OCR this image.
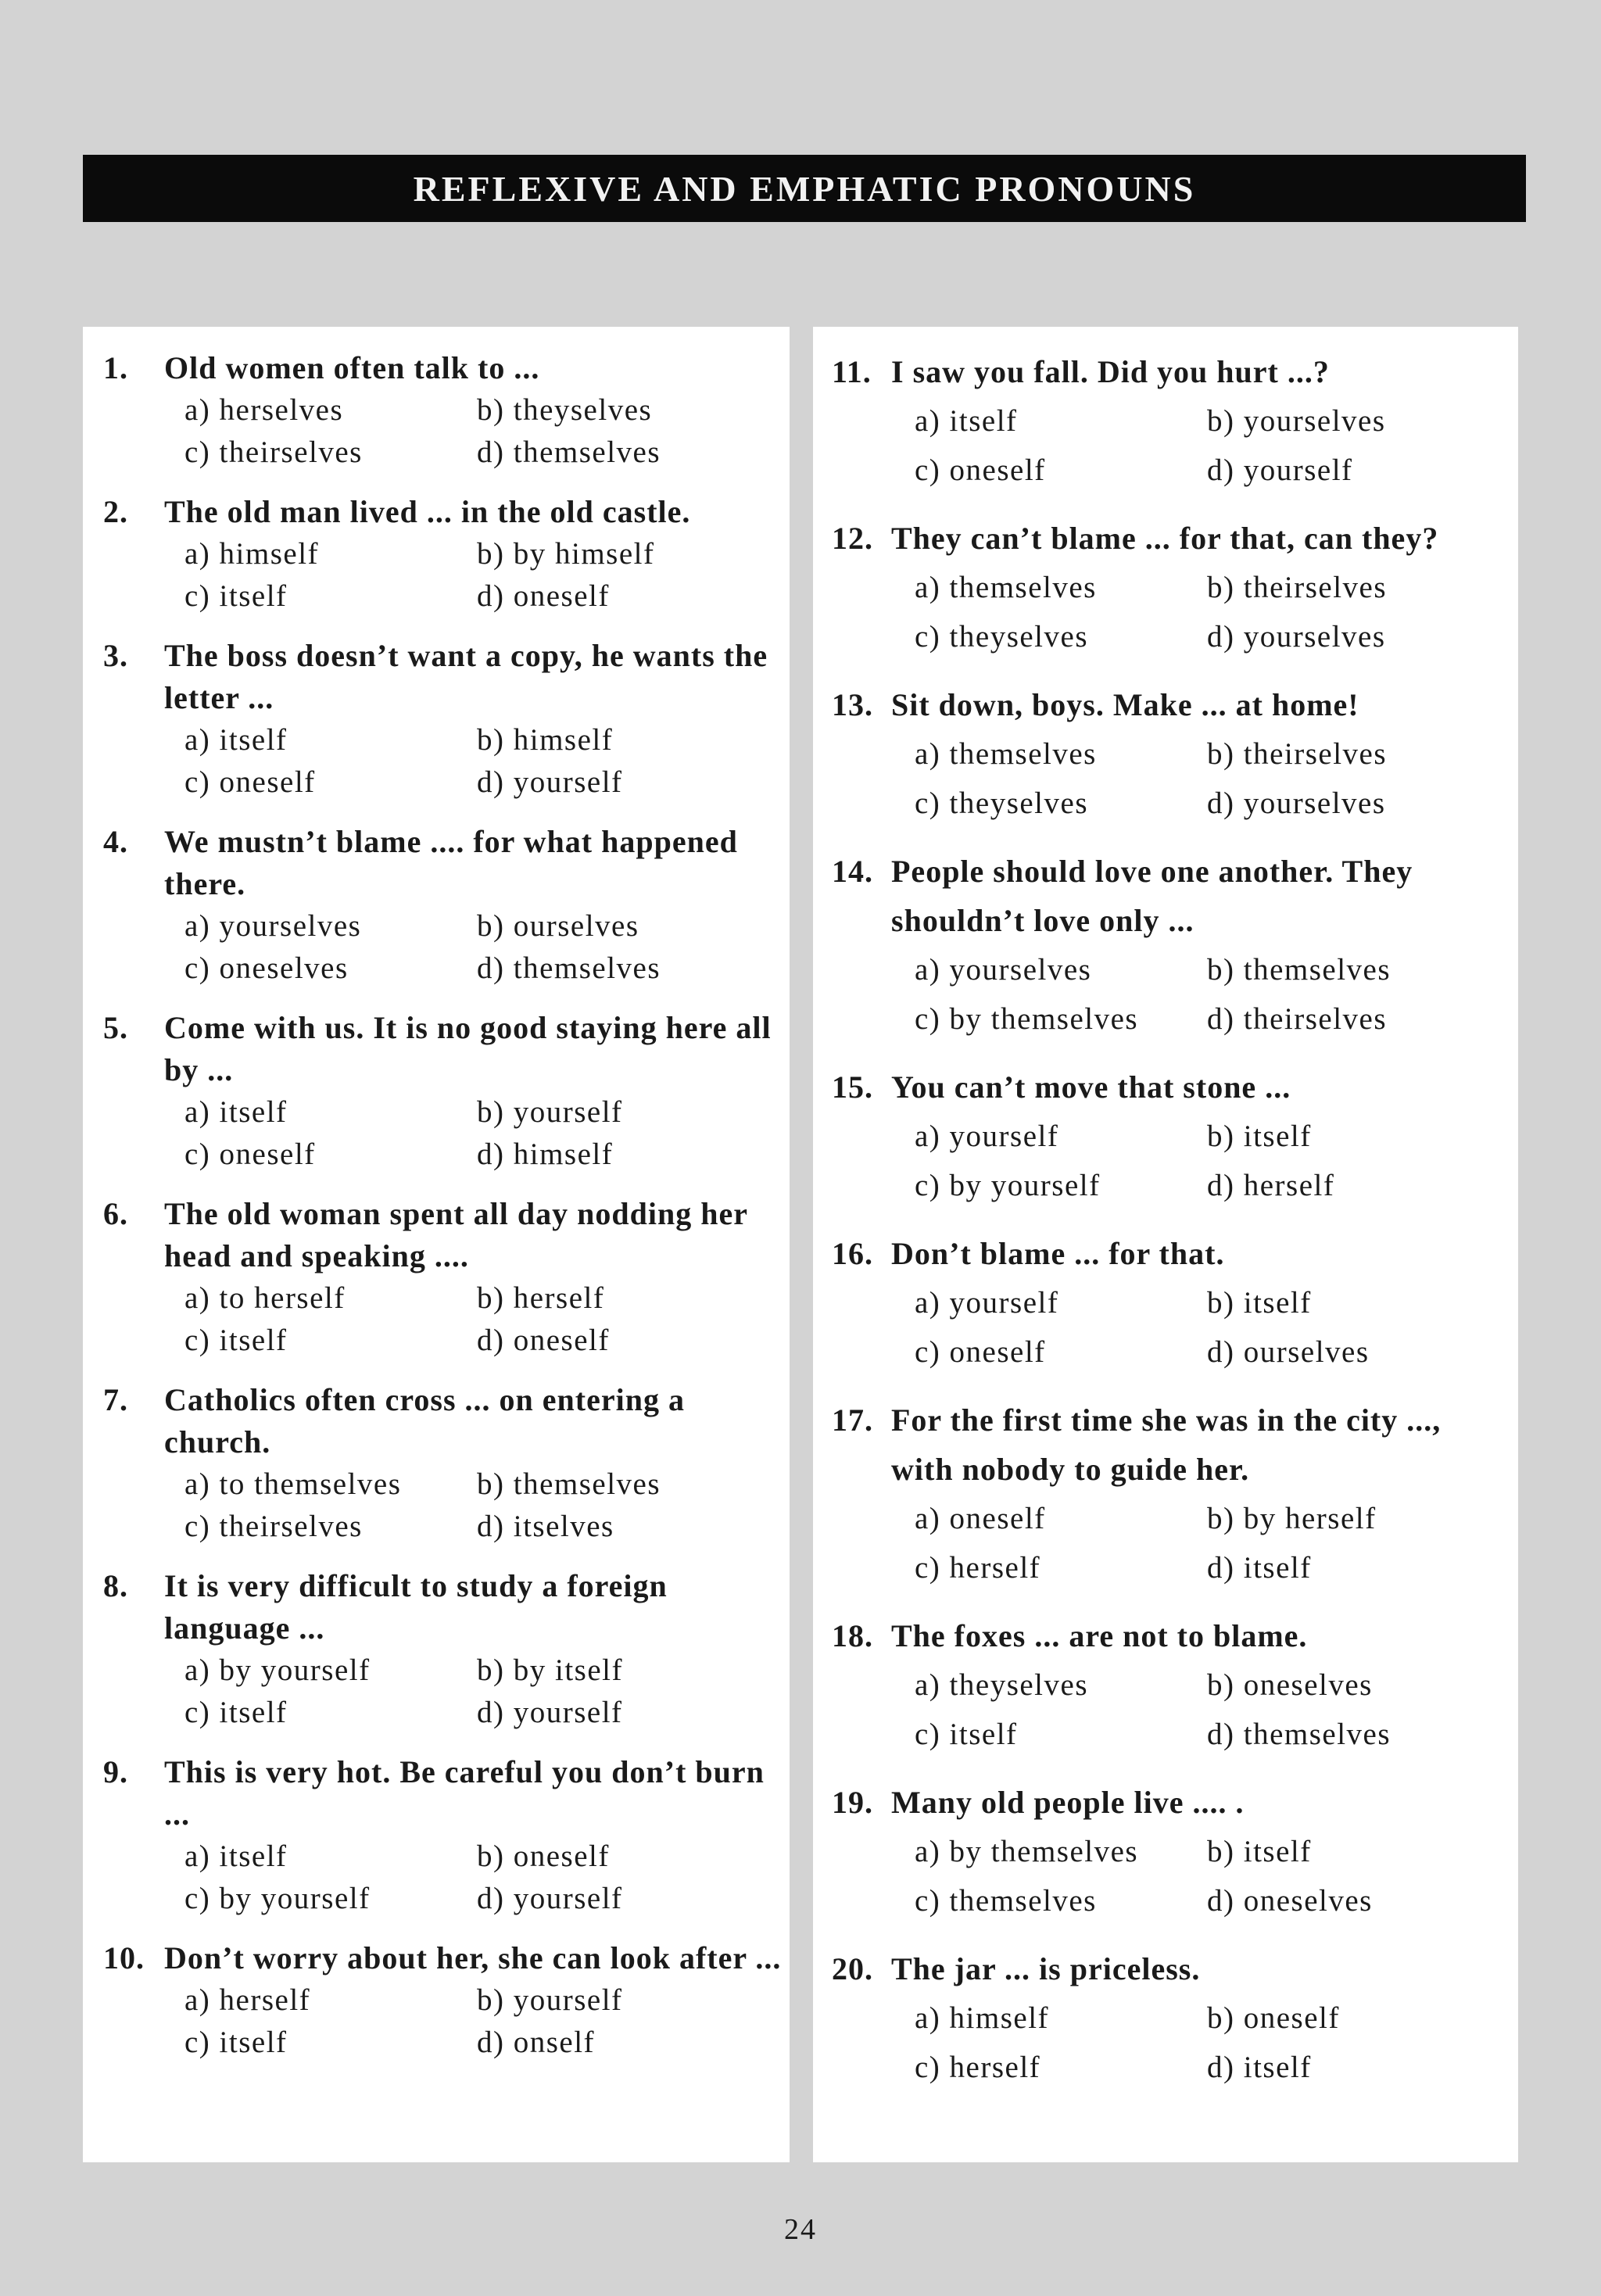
REFLEXIVE AND EMPHATIC PRONOUNS
1.	Old women often talk to ...
a) herselves	b) theyselves
c) theirselves	d) themselves
2.	The old man lived ... in the old castle.
a) himself	b) by himself
c) itself	d) oneself
3.	The boss doesn’t want a copy, he wants the letter ...
a) itself	b) himself
c) oneself	d) yourself
4.	We mustn’t blame .... for what happened there.
a) yourselves	b) ourselves
c) oneselves	d) themselves
5.	Come with us. It is no good staying here all by ...
a) itself	b) yourself
c) oneself	d) himself
6.	The old woman spent all day nodding her head and speaking ....
a) to herself	b) herself
c) itself	d) oneself
7.	Catholics often cross ... on entering a church.
a) to themselves	b) themselves
c) theirselves	d) itselves
8.	It is very difficult to study a foreign language ...
a) by yourself	b) by itself
c) itself	d) yourself
9.	This is very hot. Be careful you don’t burn ...
a) itself	b) oneself
c) by yourself	d) yourself
10. Don’t worry about her, she can look after ...
a) herself	b) yourself
c) itself	d) onself
11. I saw you fall. Did you hurt ...?
a) itself	b) yourselves
c) oneself	d) yourself
12. They can’t blame ... for that, can they?
a) themselves	b) theirselves
c) theyselves	d) yourselves
13. Sit down, boys. Make ... at home!
a) themselves	b) theirselves
c) theyselves	d) yourselves
14. People should love one another. They shouldn’t love only ...
a) yourselves	b) themselves
c) by themselves	d) theirselves
15. You can’t move that stone ...
a) yourself	b) itself
c) by yourself	d) herself
16. Don’t blame ... for that.
a) yourself	b) itself
c) oneself	d) ourselves
17. For the first time she was in the city ..., with nobody to guide her.
a) oneself	b) by herself
c) herself	d) itself
18. The foxes ... are not to blame.
a) theyselves	b) oneselves
c) itself	d) themselves
19. Many old people live .... .
a) by themselves	b) itself
c) themselves	d) oneselves
20. The jar ... is priceless.
a) himself	b) oneself
c) herself	d) itself
24
